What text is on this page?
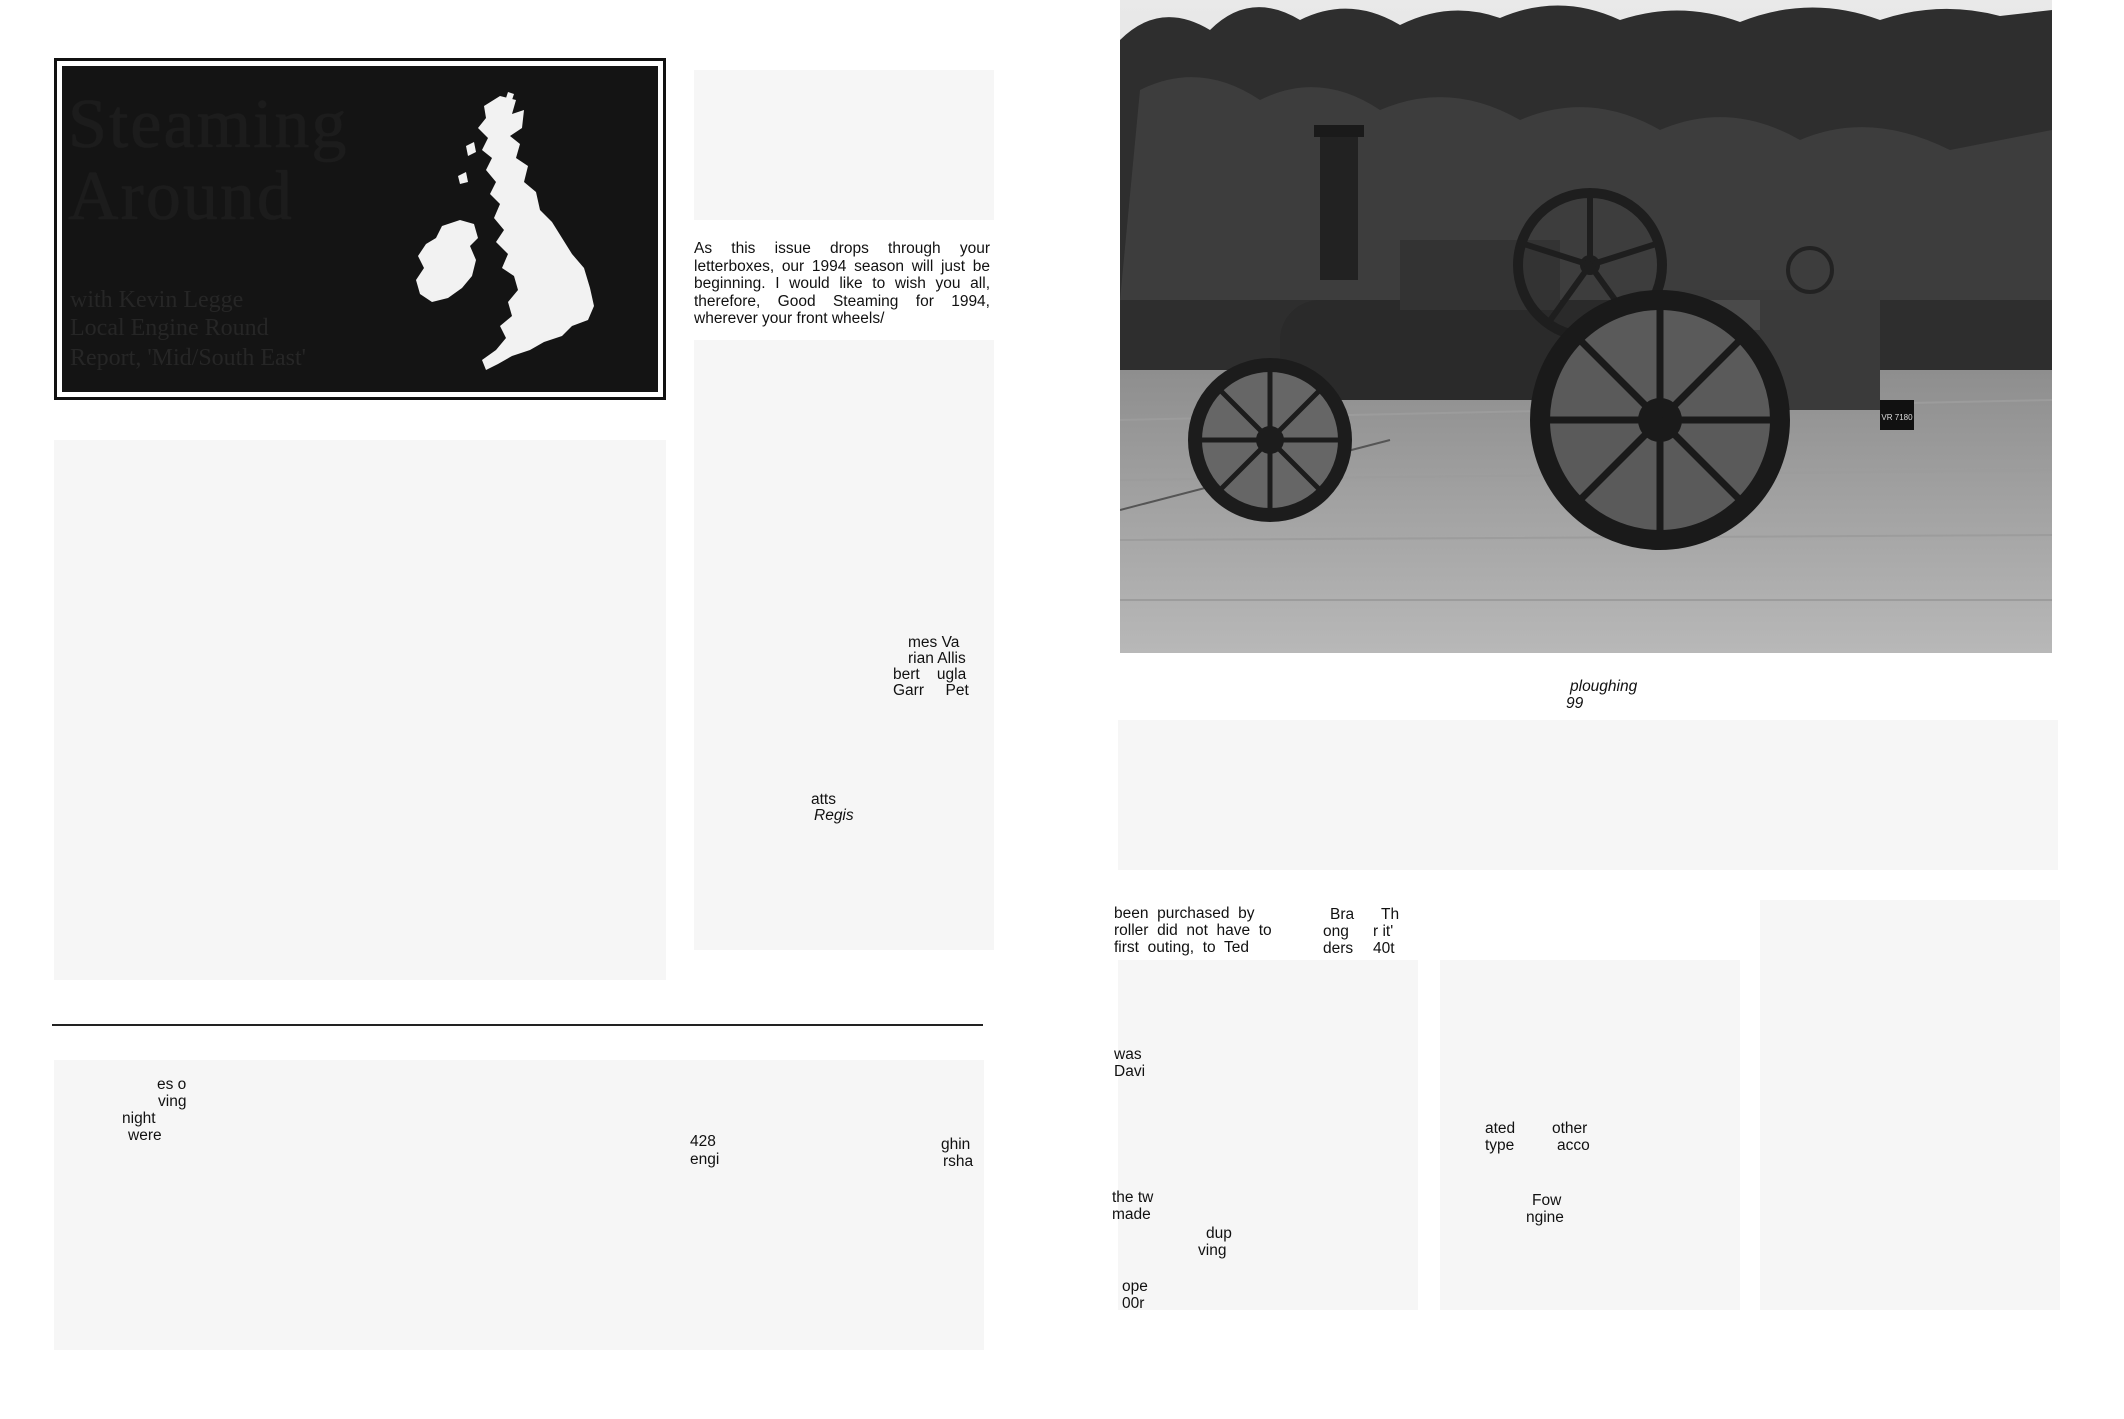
Steaming
Around
with Kevin Legge
Local Engine Round
Report, 'Mid/South East'
As this issue drops through your letterboxes, our 1994 season will just be beginning. I would like to wish you all, therefore, Good Steaming for 1994, wherever your front wheels/
mes Va
rian Allis
bert    ugla
Garr     Pet
atts
Regis
es o
ving
night
were	428
engi
ghin
rsha
VR 7180
ploughing
99
been  purchased  by
roller  did  not  have  to
first  outing,  to  Ted
Bra
ong
ders
Th
r it'
40t
was
Davi
ated
type
other
acco
the tw
made
Fow
ngine
dup
ving
ope
00r
